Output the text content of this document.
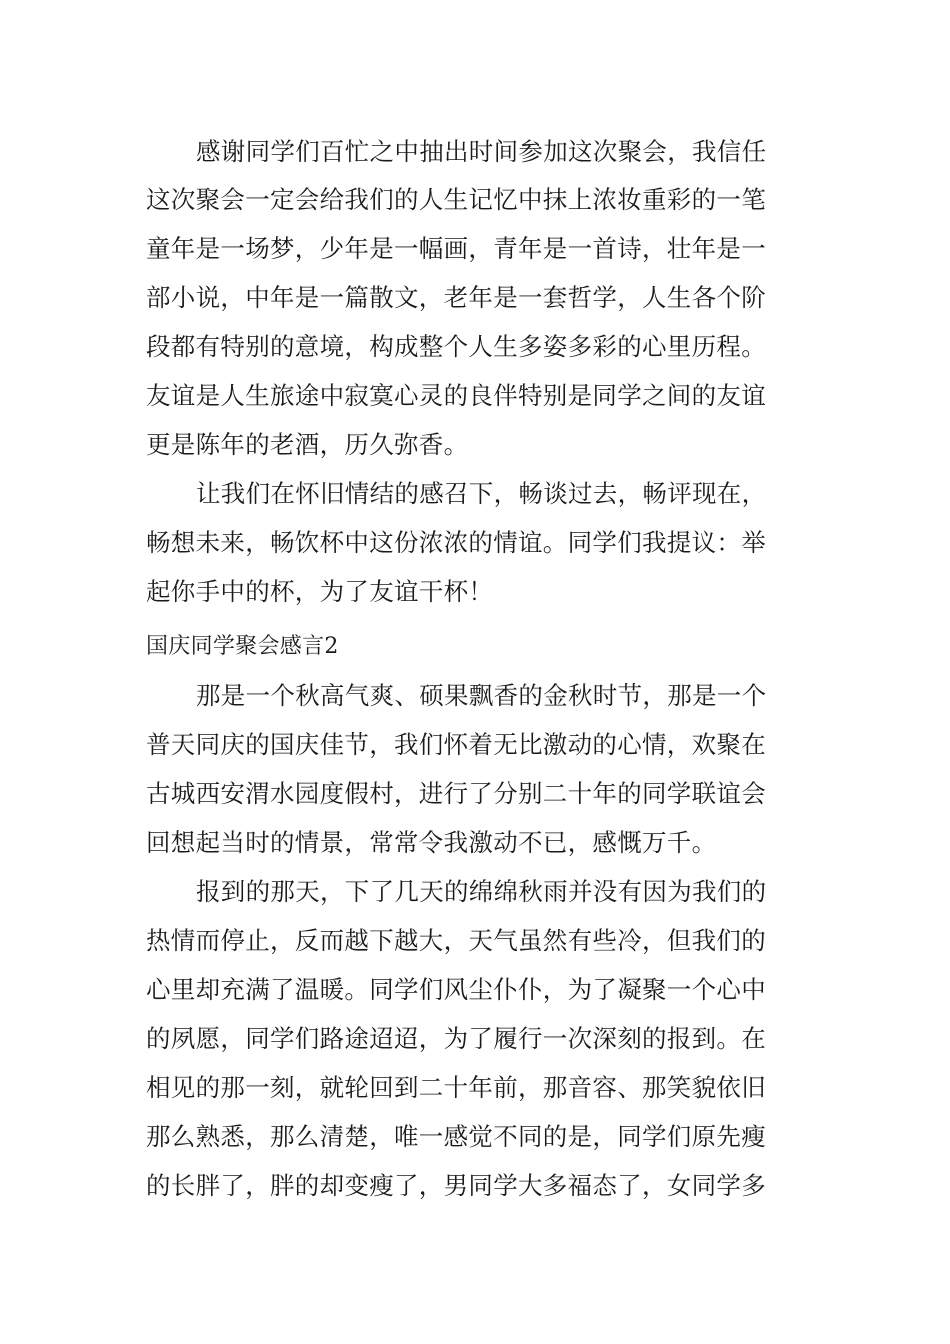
感谢同学们百忙之中抽出时间参加这次聚会，我信任
这次聚会一定会给我们的人生记忆中抹上浓妆重彩的一笔
童年是一场梦，少年是一幅画，青年是一首诗，壮年是一
部小说，中年是一篇散文，老年是一套哲学，人生各个阶
段都有特别的意境，构成整个人生多姿多彩的心里历程。
友谊是人生旅途中寂寞心灵的良伴特别是同学之间的友谊
更是陈年的老酒，历久弥香。
让我们在怀旧情结的感召下，畅谈过去，畅评现在，
畅想未来，畅饮杯中这份浓浓的情谊。同学们我提议：举
起你手中的杯，为了友谊干杯！
国庆同学聚会感言2
那是一个秋高气爽、硕果飘香的金秋时节，那是一个
普天同庆的国庆佳节，我们怀着无比激动的心情，欢聚在
古城西安渭水园度假村，进行了分别二十年的同学联谊会
回想起当时的情景，常常令我激动不已，感慨万千。
报到的那天，下了几天的绵绵秋雨并没有因为我们的
热情而停止，反而越下越大，天气虽然有些冷，但我们的
心里却充满了温暖。同学们风尘仆仆，为了凝聚一个心中
的夙愿，同学们路途迢迢，为了履行一次深刻的报到。在
相见的那一刻，就轮回到二十年前，那音容、那笑貌依旧
那么熟悉，那么清楚，唯一感觉不同的是，同学们原先瘦
的长胖了，胖的却变瘦了，男同学大多福态了，女同学多
